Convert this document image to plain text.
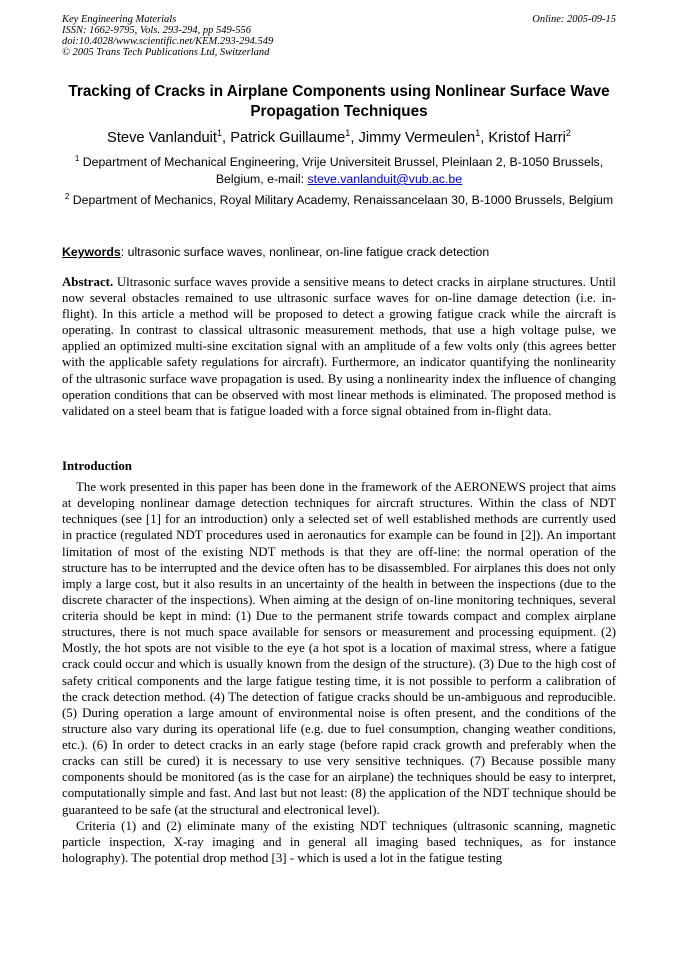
Key Engineering Materials
ISSN: 1662-9795, Vols. 293-294, pp 549-556
doi:10.4028/www.scientific.net/KEM.293-294.549
© 2005 Trans Tech Publications Ltd, Switzerland
Online: 2005-09-15
Tracking of Cracks in Airplane Components using Nonlinear Surface Wave Propagation Techniques
Steve Vanlanduit$^1$, Patrick Guillaume$^1$, Jimmy Vermeulen$^1$, Kristof Harri$^2$
$^1$ Department of Mechanical Engineering, Vrije Universiteit Brussel, Pleinlaan 2, B-1050 Brussels, Belgium, e-mail: steve.vanlanduit@vub.ac.be
$^2$ Department of Mechanics, Royal Military Academy, Renaissancelaan 30, B-1000 Brussels, Belgium
Keywords: ultrasonic surface waves, nonlinear, on-line fatigue crack detection

Abstract. Ultrasonic surface waves provide a sensitive means to detect cracks in airplane structures. Until now several obstacles remained to use ultrasonic surface waves for on-line damage detection (i.e. in-flight). In this article a method will be proposed to detect a growing fatigue crack while the aircraft is operating. In contrast to classical ultrasonic measurement methods, that use a high voltage pulse, we applied an optimized multi-sine excitation signal with an amplitude of a few volts only (this agrees better with the applicable safety regulations for aircraft). Furthermore, an indicator quantifying the nonlinearity of the ultrasonic surface wave propagation is used. By using a nonlinearity index the influence of changing operation conditions that can be observed with most linear methods is eliminated. The proposed method is validated on a steel beam that is fatigue loaded with a force signal obtained from in-flight data.

Introduction

The work presented in this paper has been done in the framework of the AERONEWS project that aims at developing nonlinear damage detection techniques for aircraft structures. Within the class of NDT techniques (see [1] for an introduction) only a selected set of well established methods are currently used in practice (regulated NDT procedures used in aeronautics for example can be found in [2]). An important limitation of most of the existing NDT methods is that they are off-line: the normal operation of the structure has to be interrupted and the device often has to be disassembled. For airplanes this does not only imply a large cost, but it also results in an uncertainty of the health in between the inspections (due to the discrete character of the inspections). When aiming at the design of on-line monitoring techniques, several criteria should be kept in mind: (1) Due to the permanent strife towards compact and complex airplane structures, there is not much space available for sensors or measurement and processing equipment. (2) Mostly, the hot spots are not visible to the eye (a hot spot is a location of maximal stress, where a fatigue crack could occur and which is usually known from the design of the structure). (3) Due to the high cost of safety critical components and the large fatigue testing time, it is not possible to perform a calibration of the crack detection method. (4) The detection of fatigue cracks should be un-ambiguous and reproducible. (5) During operation a large amount of environmental noise is often present, and the conditions of the structure also vary during its operational life (e.g. due to fuel consumption, changing weather conditions, etc.). (6) In order to detect cracks in an early stage (before rapid crack growth and preferably when the cracks can still be cured) it is necessary to use very sensitive techniques. (7) Because possible many components should be monitored (as is the case for an airplane) the techniques should be easy to interpret, computationally simple and fast. And last but not least: (8) the application of the NDT technique should be guaranteed to be safe (at the structural and electronical level).

Criteria (1) and (2) eliminate many of the existing NDT techniques (ultrasonic scanning, magnetic particle inspection, X-ray imaging and in general all imaging based techniques, as for instance holography). The potential drop method [3] - which is used a lot in the fatigue testing
